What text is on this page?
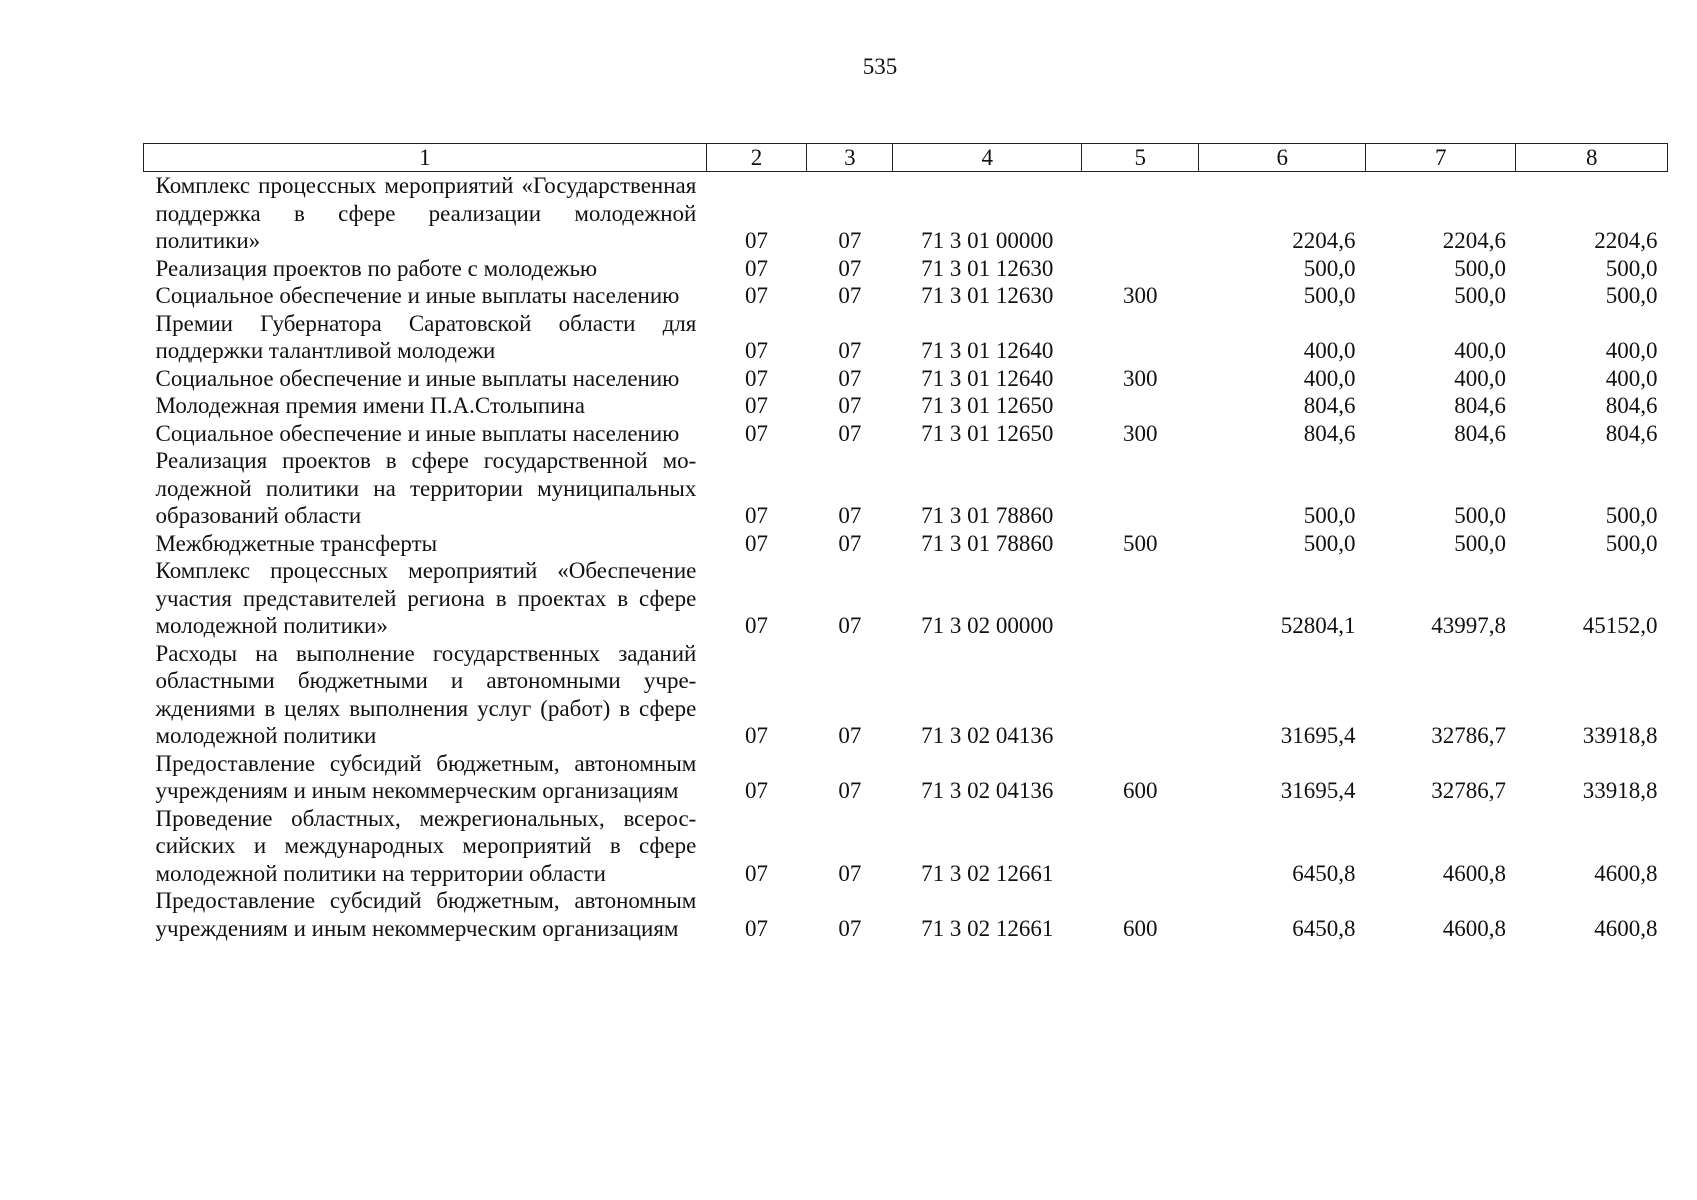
535
1	2	3	4	5	6	7	8
Комплекс процессных мероприятий «Государственная поддержка в сфере реализации молодежной политики»	07	07	71 3 01 00000		2204,6	2204,6	2204,6
Реализация проектов по работе с молодежью	07	07	71 3 01 12630		500,0	500,0	500,0
Социальное обеспечение и иные выплаты населению	07	07	71 3 01 12630	300	500,0	500,0	500,0
Премии Губернатора Саратовской области для поддержки талантливой молодежи	07	07	71 3 01 12640		400,0	400,0	400,0
Социальное обеспечение и иные выплаты населению	07	07	71 3 01 12640	300	400,0	400,0	400,0
Молодежная премия имени П.А.Столыпина	07	07	71 3 01 12650		804,6	804,6	804,6
Социальное обеспечение и иные выплаты населению	07	07	71 3 01 12650	300	804,6	804,6	804,6
Реализация проектов в сфере государственной молодежной политики на территории муниципальных образований области	07	07	71 3 01 78860		500,0	500,0	500,0
Межбюджетные трансферты	07	07	71 3 01 78860	500	500,0	500,0	500,0
Комплекс процессных мероприятий «Обеспечение участия представителей региона в проектах в сфере молодежной политики»	07	07	71 3 02 00000		52804,1	43997,8	45152,0
Расходы на выполнение государственных заданий областными бюджетными и автономными учреждениями в целях выполнения услуг (работ) в сфере молодежной политики	07	07	71 3 02 04136		31695,4	32786,7	33918,8
Предоставление субсидий бюджетным, автономным учреждениям и иным некоммерческим организациям	07	07	71 3 02 04136	600	31695,4	32786,7	33918,8
Проведение областных, межрегиональных, всероссийских и международных мероприятий в сфере молодежной политики на территории области	07	07	71 3 02 12661		6450,8	4600,8	4600,8
Предоставление субсидий бюджетным, автономным учреждениям и иным некоммерческим организациям	07	07	71 3 02 12661	600	6450,8	4600,8	4600,8
